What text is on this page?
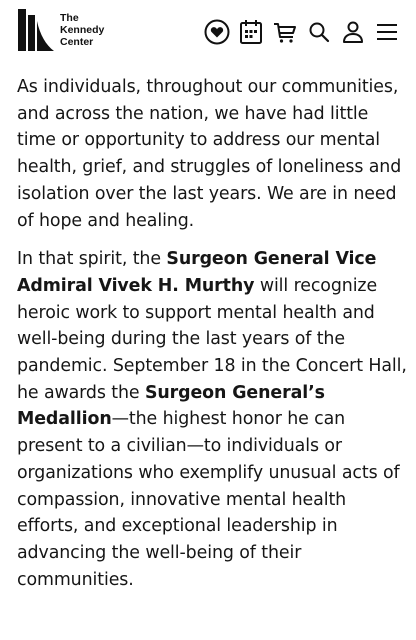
The
Kennedy
Center

As individuals, throughout our communities, and across the nation, we have had little time or opportunity to address our mental health, grief, and struggles of loneliness and isolation over the last years. We are in need of hope and healing.

In that spirit, the Surgeon General Vice Admiral Vivek H. Murthy will recognize heroic work to support mental health and well-being during the last years of the pandemic. September 18 in the Concert Hall, he awards the Surgeon General’s Medallion—the highest honor he can present to a civilian—to individuals or organizations who exemplify unusual acts of compassion, innovative mental health efforts, and exceptional leadership in advancing the well-being of their communities.
